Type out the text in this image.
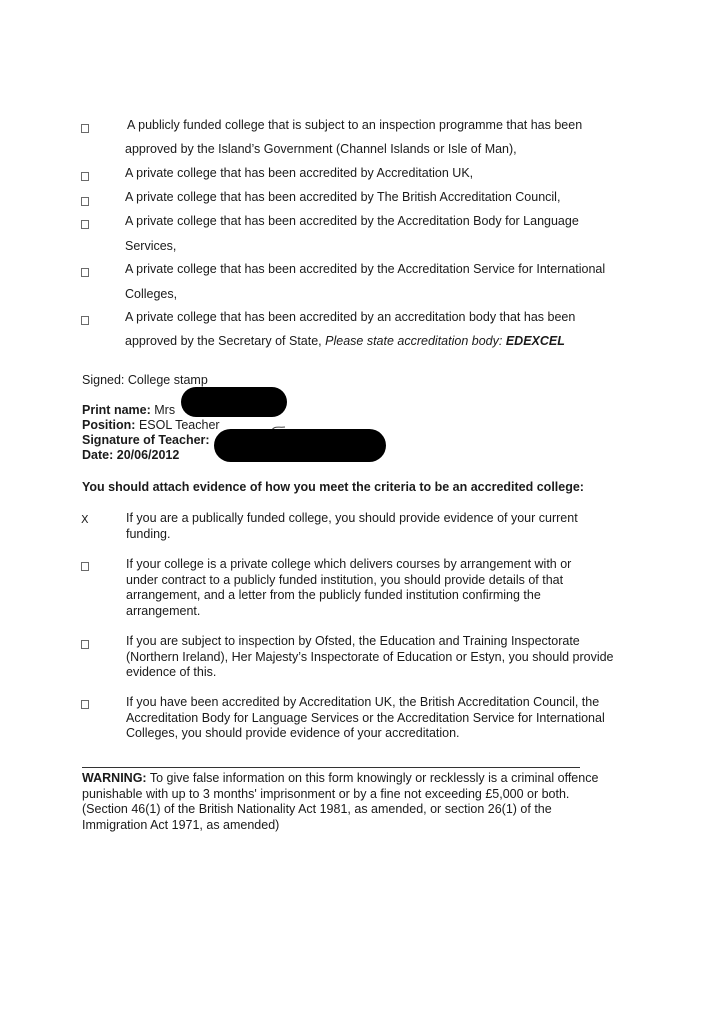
A publicly funded college that is subject to an inspection programme that has been
approved by the Island’s Government (Channel Islands or Isle of Man),
A private college that has been accredited by Accreditation UK,
A private college that has been accredited by The British Accreditation Council,
A private college that has been accredited by the Accreditation Body for Language
Services,
A private college that has been accredited by the Accreditation Service for International
Colleges,
A private college that has been accredited by an accreditation body that has been
approved by the Secretary of State, Please state accreditation body: EDEXCEL
Signed: College stamp
Print name: Mrs
Position: ESOL Teacher
Signature of Teacher:
Date: 20/06/2012
You should attach evidence of how you meet the criteria to be an accredited college:
X	If you are a publically funded college, you should provide evidence of your current
funding.
If your college is a private college which delivers courses by arrangement with or
under contract to a publicly funded institution, you should provide details of that
arrangement, and a letter from the publicly funded institution confirming the
arrangement.
If you are subject to inspection by Ofsted, the Education and Training Inspectorate
(Northern Ireland), Her Majesty’s Inspectorate of Education or Estyn, you should provide
evidence of this.
If you have been accredited by Accreditation UK, the British Accreditation Council, the
Accreditation Body for Language Services or the Accreditation Service for International
Colleges, you should provide evidence of your accreditation.
WARNING: To give false information on this form knowingly or recklessly is a criminal offence
punishable with up to 3 months' imprisonment or by a fine not exceeding £5,000 or both.
(Section 46(1) of the British Nationality Act 1981, as amended, or section 26(1) of the
Immigration Act 1971, as amended)
